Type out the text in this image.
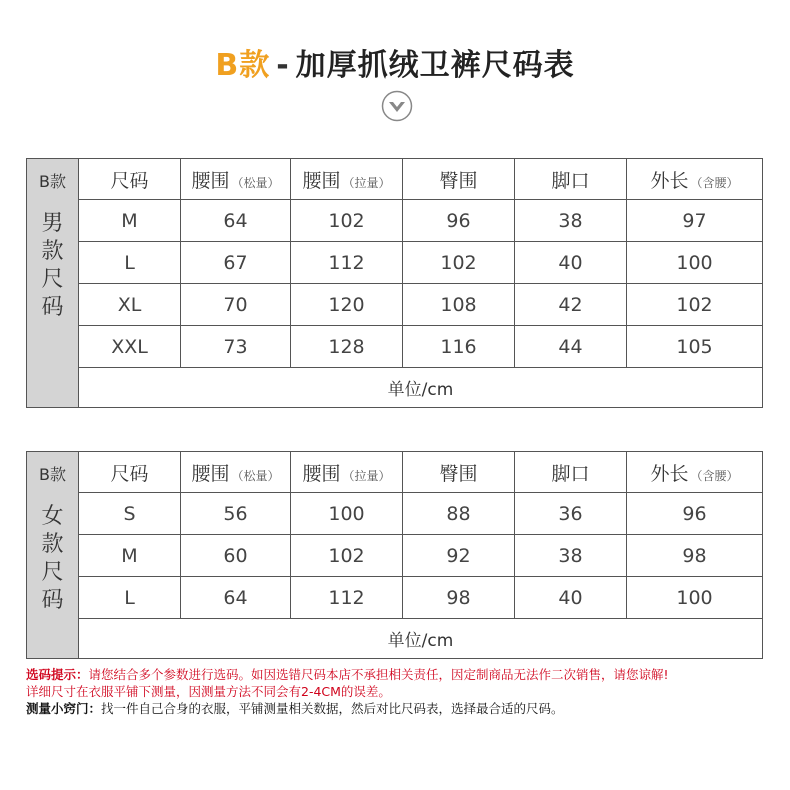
B款 - 加厚抓绒卫裤尺码表
B款
男
款
尺
码	尺码	腰围 （松量）	腰围 （拉量）	臀围	脚口	外长 （含腰）
	M	64	102	96	38	97
	L	67	112	102	40	100
	XL	70	120	108	42	102
	XXL	73	128	116	44	105
	单位/cm					
B款
女
款
尺
码	尺码	腰围 （松量）	腰围 （拉量）	臀围	脚口	外长 （含腰）
	S	56	100	88	36	96
	M	60	102	92	38	98
	L	64	112	98	40	100
	单位/cm					
选码提示：请您结合多个参数进行选码。如因选错尺码本店不承担相关责任，因定制商品无法作二次销售，请您谅解!
详细尺寸在衣服平铺下测量，因测量方法不同会有2-4CM的误差。
测量小窍门：找一件自己合身的衣服，平铺测量相关数据，然后对比尺码表，选择最合适的尺码。
